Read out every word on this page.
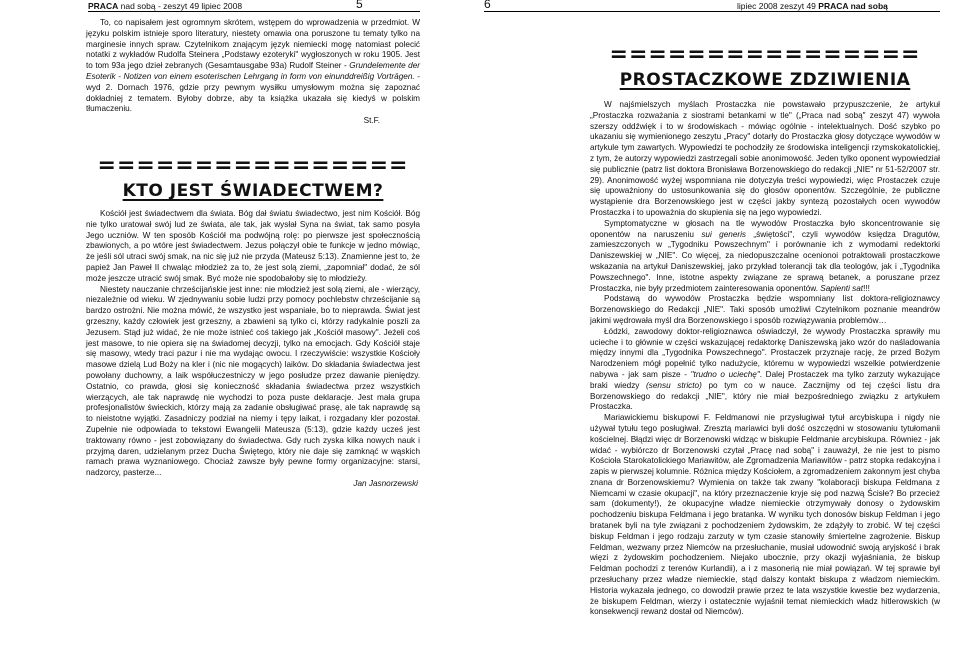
PRACA nad sobą - zeszyt 49 lipiec 2008	5

To, co napisałem jest ogromnym skrótem, wstępem do wprowadzenia w przedmiot. W języku polskim istnieje sporo literatury, niestety omawia ona poruszone tu tematy tylko na marginesie innych spraw. Czytelnikom znającym język niemiecki mogę natomiast polecić notatki z wykładów Rudolfa Steinera „Podstawy ezoteryki" wygłoszonych w roku 1905. Jest to tom 93a jego dzieł zebranych (Gesamtausgabe 93a) Rudolf Steiner - Grundelemente der Esoterik - Notizen von einem esoterischen Lehrgang in form von einunddreißig Vorträgen. - wyd 2. Dornach 1976, gdzie przy pewnym wysiłku umysłowym można się zapoznać dokładniej z tematem. Byłoby dobrze, aby ta książka ukazała się kiedyś w polskim tłumaczeniu.

St.F.

================
KTO JEST ŚWIADECTWEM?

Kościół jest świadectwem dla świata. Bóg dał światu świadectwo, jest nim Kościół. Bóg nie tylko uratował swój lud ze świata, ale tak, jak wysłał Syna na świat, tak samo posyła Jego uczniów. W ten sposób Kościół ma podwójną rolę: po pierwsze jest społecznością zbawionych, a po wtóre jest świadectwem. Jezus połączył obie te funkcje w jedno mówiąc, że jeśli sól utraci swój smak, na nic się już nie przyda (Mateusz 5:13). Znamienne jest to, że papież Jan Paweł II chwaląc młodzież za to, że jest solą ziemi, „zapomniał" dodać, że sól może jeszcze utracić swój smak. Być może nie spodobałoby się to młodzieży.

Niestety nauczanie chrześcijańskie jest inne: nie młodzież jest solą ziemi, ale - wierzący, niezależnie od wieku. W zjednywaniu sobie ludzi przy pomocy pochlebstw chrześcijanie są bardzo ostrożni. Nie można mówić, że wszystko jest wspaniałe, bo to nieprawda. Świat jest grzeszny, każdy człowiek jest grzeszny, a zbawieni są tylko ci, którzy radykalnie poszli za Jezusem. Stąd już widać, że nie może istnieć coś takiego jak „Kościół masowy". Jeżeli coś jest masowe, to nie opiera się na świadomej decyzji, tylko na emocjach. Gdy Kościół staje się masowy, wtedy traci pazur i nie ma wydając owocu. I rzeczywiście: wszystkie Kościoły masowe dzielą Lud Boży na kler i (nic nie mogących) laików. Do składania świadectwa jest powołany duchowny, a laik współuczestniczy w jego posłudze przez dawanie pieniędzy. Ostatnio, co prawda, głosi się konieczność składania świadectwa przez wszystkich wierzących, ale tak naprawdę nie wychodzi to poza puste deklaracje. Jest mała grupa profesjonalistów świeckich, którzy mają za zadanie obsługiwać prasę, ale tak naprawdę są to nieistotne wyjątki. Zasadniczy podział na niemy i tępy laikat, i rozgadany kler pozostał. Zupełnie nie odpowiada to tekstowi Ewangelii Mateusza (5:13), gdzie każdy ucześ jest traktowany równo - jest zobowiązany do świadectwa. Gdy ruch zyska kilka nowych nauk i przyjmą daren, udzielanym przez Ducha Świętego, który nie daje się zamknąć w wąskich ramach prawa wyznaniowego. Chociaż zawsze były pewne formy organizacyjne: starsi, nadzorcy, pasterze...

Jan Jasnorzewski

6	lipiec 2008 zeszyt 49 PRACA nad sobą
================
PROSTACZKOWE ZDZIWIENIA

W najśmielszych myślach Prostaczka nie powstawało przypuszczenie, że artykuł „Prostaczka rozważania z siostrami betankami w tle" („Praca nad sobą" zeszyt 47) wywoła szerszy oddźwięk i to w środowiskach - mówiąc ogólnie - intelektualnych. Dość szybko po ukazaniu się wymienionego zeszytu „Pracy" dotarły do Prostaczka głosy dotyczące wywodów w artykule tym zawartych. Wypowiedzi te pochodziły ze środowiska inteligencji rzymskokatolickiej, z tym, że autorzy wypowiedzi zastrzegali sobie anonimowość. Jeden tylko oponent wypowiedział się publicznie (patrz list doktora Bronisława Borzenowskiego do redakcji „NIE" nr 51-52/2007 str. 29). Anonimowość wyżej wspomniana nie dotyczyła treści wypowiedzi, więc Prostaczek czuje się upoważniony do ustosunkowania się do głosów oponentów. Szczególnie, że publiczne wystąpienie dra Borzenowskiego jest w części jakby syntezą pozostałych ocen wywodów Prostaczka i to upoważnia do skupienia się na jego wypowiedzi.

Symptomatyczne w głosach na tle wywodów Prostaczka było skoncentrowanie się oponentów na naruszeniu sui generis „świętości", czyli wywodów księdza Dragutów, zamieszczonych w „Tygodniku Powszechnym" i porównanie ich z wymodami redektorki Daniszewskiej w „NIE". Co więcej, za niedopuszczalne ocenionoi potraktowali prostaczkowe wskazania na artykuł Daniszewskiej, jako przykład tolerancji tak dla teologów, jak i „Tygodnika Powszechnego". Inne, istotne aspekty związane ze sprawą betanek, a poruszane przez Prostaczka, nie były przedmiotem zainteresowania oponentów. Sapienti sat!!!

Podstawą do wywodów Prostaczka będzie wspomniany list doktora-religioznawcy Borzenowskiego do Redakcji „NIE". Taki sposób umożliwi Czytelnikom poznanie meandrów jakimi wędrowała myśl dra Borzenowskiego i sposób rozwiązywania problemów…

Łódzki, zawodowy doktor-religioznawca oświadczył, że wywody Prostaczka sprawiły mu ucieche i to głównie w części wskazującej redaktorkę Daniszewską jako wzór do naśladowania między innymi dla „Tygodnika Powszechnego". Prostaczek przyznaje rację, że przed Bożym Narodzeniem mógł popełnić tylko nadużycie, któremu w wypowiedzi wszelkie potwierdzenie nabywa - jak sam pisze - "trudno o uciechę". Dalej Prostaczek ma tylko zarzuty wykazujące braki wiedzy (sensu stricto) po tym co w nauce. Zacznijmy od tej części listu dra Borzenowskiego do redakcji „NIE", który nie miał bezpośredniego związku z artykułem Prostaczka.

Mariawickiemu biskupowi F. Feldmanowi nie przysługiwał tytuł arcybiskupa i nigdy nie używał tytułu tego posługiwał. Zresztą mariawici byli dość oszczędni w stosowaniu tytułomanii kościelnej. Błądzi więc dr Borzenowski widząc w biskupie Feldmanie arcybiskupa. Równiez - jak widać - wybiórczo dr Borzenowski czytał „Pracę nad sobą" i zauważył, że nie jest to pismo Kościoła Starokatolickiego Mariawitów, ale Zgromadzenia Mariawitów - patrz stopka redakcyjna i zapis w pierwszej kolumnie. Różnica między Kościołem, a zgromadzeniem zakonnym jest chyba znana dr Borzenowskiemu? Wymienia on także tak zwany "kolaboracji biskupa Feldmana z Niemcami w czasie okupacji", na który przeznaczenie kryje się pod nazwą Ścisłe? Bo przecież sam (dokumenty!), że okupacyjne władze niemieckie otrzymywały donosy o żydowskim pochodzeniu biskupa Feldmana i jego bratanka. W wyniku tych donosów biskup Feldman i jego bratanek byli na tyle związani z pochodzeniem żydowskim, że zdążyły to zrobić. W tej części biskup Feldman i jego rodzaju zarzuty w tym czasie stanowiły śmiertelne zagrożenie. Biskup Feldman, wezwany przez Niemców na przesłuchanie, musiał udowodnić swoją aryjskość i brak więzi z żydowskim pochodzeniem. Niejako ubocznie, przy okazji wyjaśniania, że biskup Feldman pochodzi z terenów Kurlandii), a i z masonerią nie miał powiązań. W tej sprawie był przesłuchany przez władze niemieckie, stąd dalszy kontakt biskupa z władzom niemieckim. Historia wykazała jednego, co dowodził prawie przez te lata wszystkie kwestie bez wydarzenia, że biskupem Feldman, wierzy i ostatecznie wyjaśnił temat niemieckich władz hitlerowskich (w konsekwencji rewanż dostał od Niemców).
